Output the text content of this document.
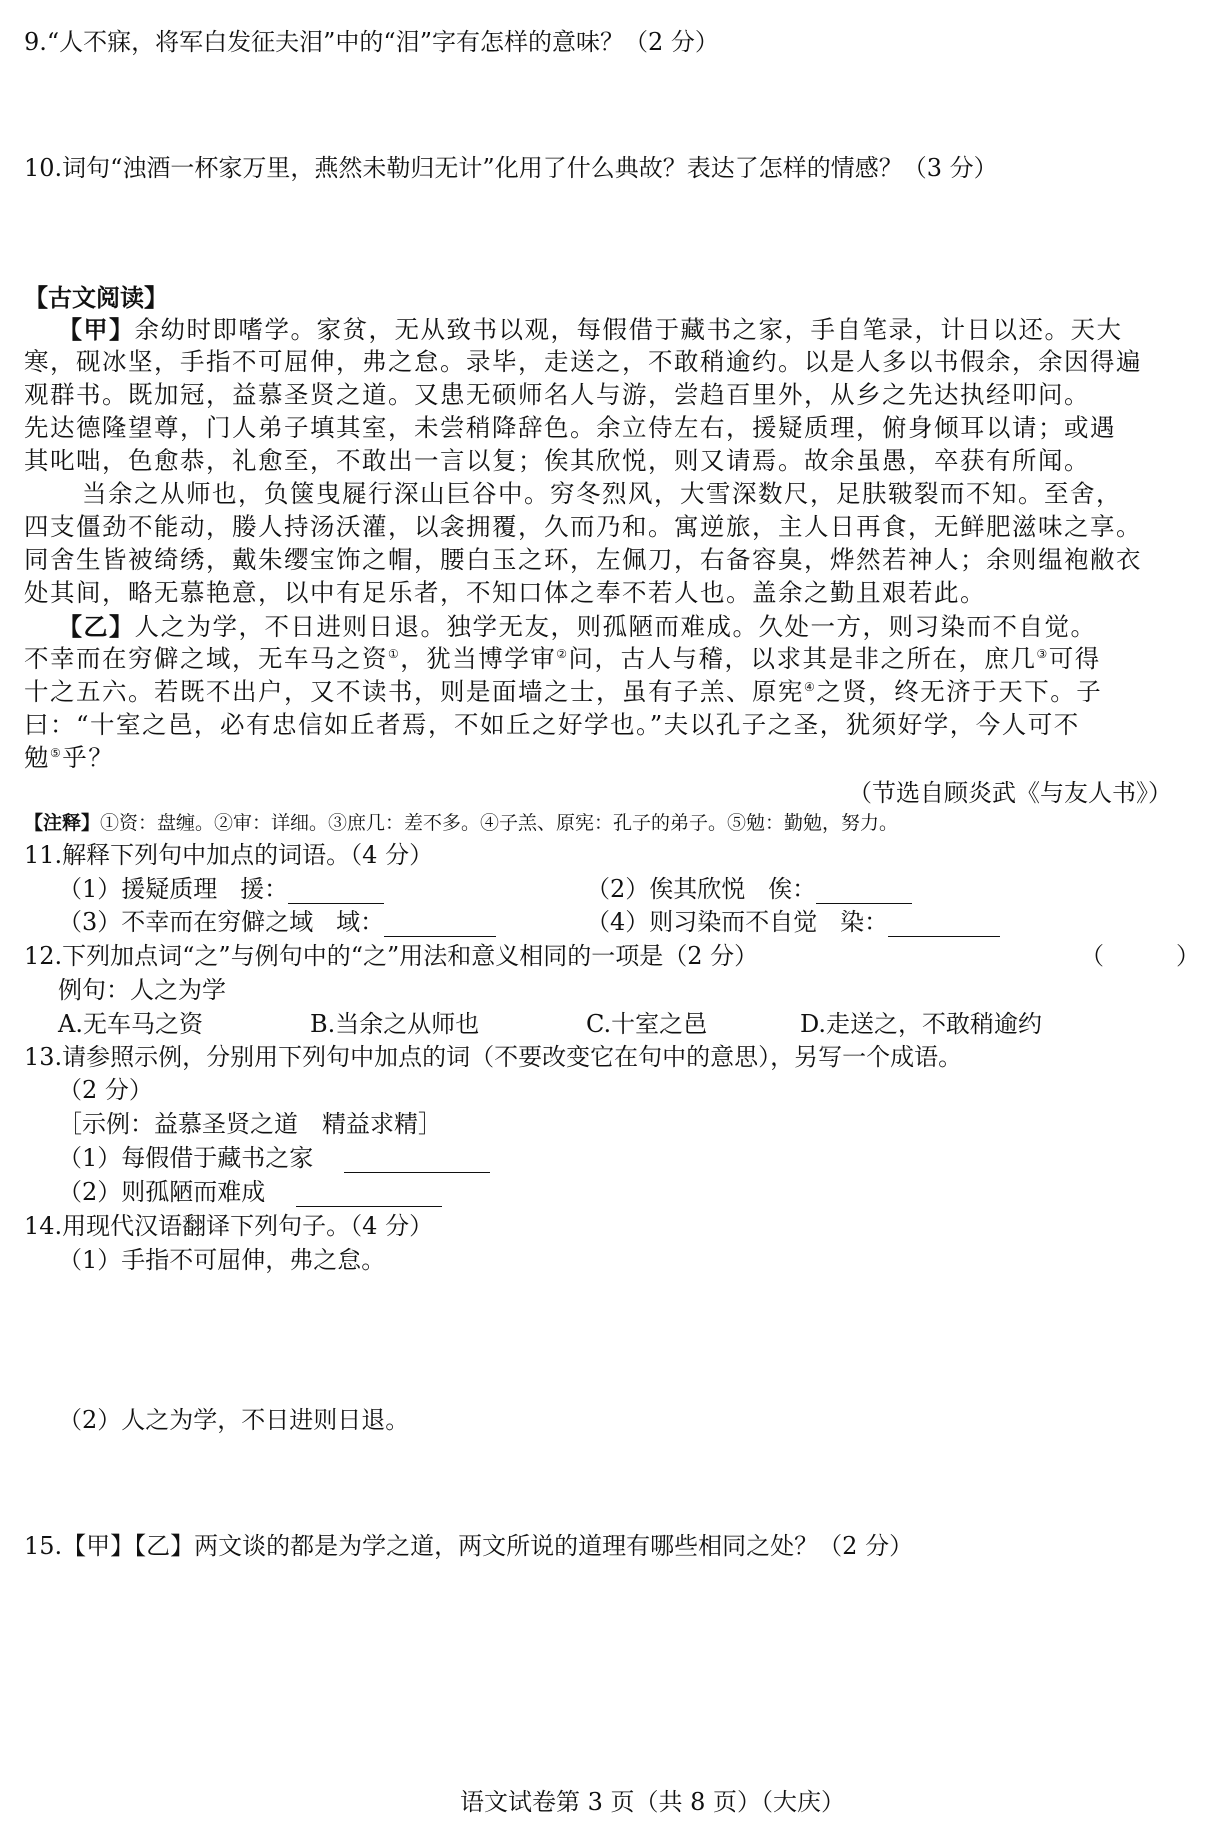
9.“人不寐，将军白发征夫泪”中的“泪”字有怎样的意味？（2 分）
10.词句“浊酒一杯家万里，燕然未勒归无计”化用了什么典故？表达了怎样的情感？（3 分）
【古文阅读】
【甲】余幼时即嗜学。家贫，无从致书以观，每假借于藏书之家，手自笔录，计日以还。天大
寒，砚冰坚，手指不可屈伸，弗之怠。录毕，走送之，不敢稍逾约。以是人多以书假余，余因得遍
观群书。既加冠，益慕圣贤之道。又患无硕师名人与游，尝趋百里外，从乡之先达执经叩问。
先达德隆望尊，门人弟子填其室，未尝稍降辞色。余立侍左右，援疑质理，俯身倾耳以请；或遇
其叱咄，色愈恭，礼愈至，不敢出一言以复；俟其欣悦，则又请焉。故余虽愚，卒获有所闻。
当余之从师也，负箧曳屣行深山巨谷中。穷冬烈风，大雪深数尺，足肤皲裂而不知。至舍，
四支僵劲不能动，媵人持汤沃灌，以衾拥覆，久而乃和。寓逆旅，主人日再食，无鲜肥滋味之享。
同舍生皆被绮绣，戴朱缨宝饰之帽，腰白玉之环，左佩刀，右备容臭，烨然若神人；余则缊袍敝衣
处其间，略无慕艳意，以中有足乐者，不知口体之奉不若人也。盖余之勤且艰若此。
【乙】人之为学，不日进则日退。独学无友，则孤陋而难成。久处一方，则习染而不自觉。
不幸而在穷僻之域，无车马之资①，犹当博学审②问，古人与稽，以求其是非之所在，庶几③可得
十之五六。若既不出户，又不读书，则是面墙之士，虽有子羔、原宪④之贤，终无济于天下。子
曰：“十室之邑，必有忠信如丘者焉，不如丘之好学也。”夫以孔子之圣，犹须好学，今人可不
勉⑤乎？
（节选自顾炎武《与友人书》）
【注释】①资：盘缠。②审：详细。③庶几：差不多。④子羔、原宪：孔子的弟子。⑤勉：勤勉，努力。
11.解释下列句中加点的词语。（4 分）
（1）援疑质理 援：	（2）俟其欣悦 俟：
（3）不幸而在穷僻之域 域：	（4）则习染而不自觉 染：
12.下列加点词“之”与例句中的“之”用法和意义相同的一项是（2 分）	（　　　）
例句：人之为学
A.无车马之资	B.当余之从师也	C.十室之邑	D.走送之，不敢稍逾约
13.请参照示例，分别用下列句中加点的词（不要改变它在句中的意思），另写一个成语。
（2 分）
［示例：益慕圣贤之道　精益求精］
（1）每假借于藏书之家
（2）则孤陋而难成
14.用现代汉语翻译下列句子。（4 分）
（1）手指不可屈伸，弗之怠。
（2）人之为学，不日进则日退。
15.【甲】【乙】两文谈的都是为学之道，两文所说的道理有哪些相同之处？（2 分）
语文试卷第 3 页（共 8 页）（大庆）
